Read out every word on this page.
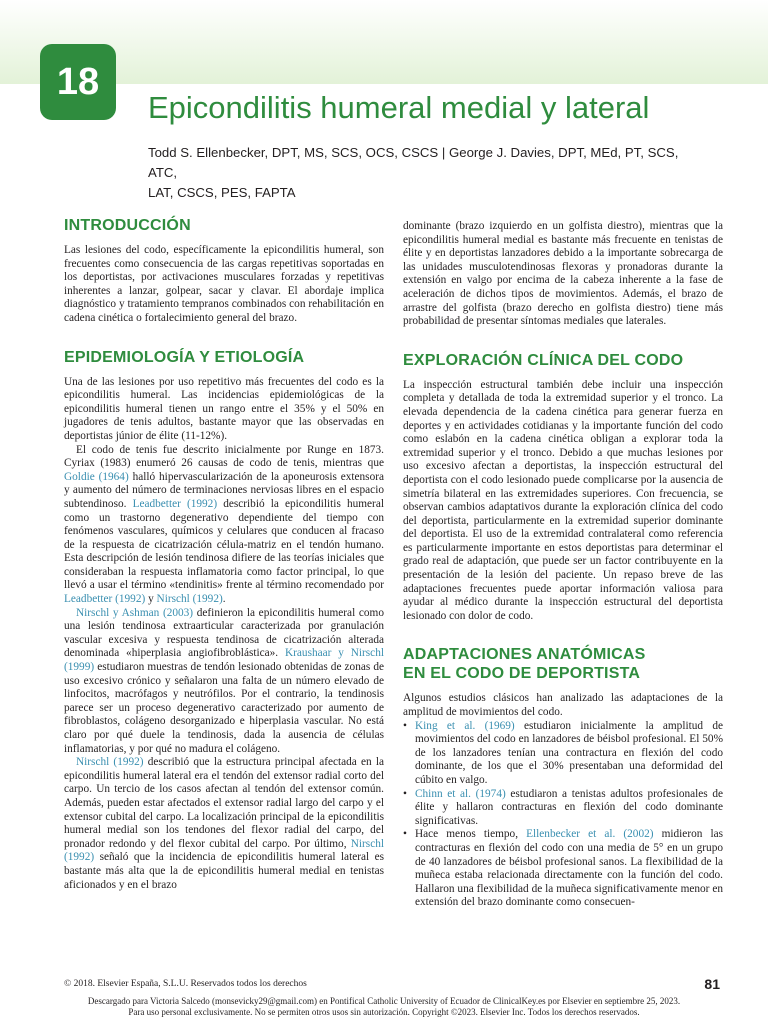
18
Epicondilitis humeral medial y lateral
Todd S. Ellenbecker, DPT, MS, SCS, OCS, CSCS | George J. Davies, DPT, MEd, PT, SCS, ATC,
LAT, CSCS, PES, FAPTA
INTRODUCCIÓN

Las lesiones del codo, específicamente la epicondilitis humeral, son frecuentes como consecuencia de las cargas repetitivas soportadas en los deportistas, por activaciones musculares forzadas y repetitivas inherentes a lanzar, golpear, sacar y clavar. El abordaje implica diagnóstico y tratamiento tempranos combinados con rehabilitación en cadena cinética o fortalecimiento general del brazo.

EPIDEMIOLOGÍA Y ETIOLOGÍA

Una de las lesiones por uso repetitivo más frecuentes del codo es la epicondilitis humeral. Las incidencias epidemiológicas de la epicondilitis humeral tienen un rango entre el 35% y el 50% en jugadores de tenis adultos, bastante mayor que las observadas en deportistas júnior de élite (11-12%).

El codo de tenis fue descrito inicialmente por Runge en 1873. Cyriax (1983) enumeró 26 causas de codo de tenis, mientras que Goldie (1964) halló hipervascularización de la aponeurosis extensora y aumento del número de terminaciones nerviosas libres en el espacio subtendinoso. Leadbetter (1992) describió la epicondilitis humeral como un trastorno degenerativo dependiente del tiempo con fenómenos vasculares, químicos y celulares que conducen al fracaso de la respuesta de cicatrización célula-matriz en el tendón humano. Esta descripción de lesión tendinosa difiere de las teorías iniciales que consideraban la respuesta inflamatoria como factor principal, lo que llevó a usar el término «tendinitis» frente al término recomendado por Leadbetter (1992) y Nirschl (1992).

Nirschl y Ashman (2003) definieron la epicondilitis humeral como una lesión tendinosa extraarticular caracterizada por granulación vascular excesiva y respuesta tendinosa de cicatrización alterada denominada «hiperplasia angiofibroblástica». Kraushaar y Nirschl (1999) estudiaron muestras de tendón lesionado obtenidas de zonas de uso excesivo crónico y señalaron una falta de un número elevado de linfocitos, macrófagos y neutrófilos. Por el contrario, la tendinosis parece ser un proceso degenerativo caracterizado por aumento de fibroblastos, colágeno desorganizado e hiperplasia vascular. No está claro por qué duele la tendinosis, dada la ausencia de células inflamatorias, y por qué no madura el colágeno.

Nirschl (1992) describió que la estructura principal afectada en la epicondilitis humeral lateral era el tendón del extensor radial corto del carpo. Un tercio de los casos afectan al tendón del extensor común. Además, pueden estar afectados el extensor radial largo del carpo y el extensor cubital del carpo. La localización principal de la epicondilitis humeral medial son los tendones del flexor radial del carpo, del pronador redondo y del flexor cubital del carpo. Por último, Nirschl (1992) señaló que la incidencia de epicondilitis humeral lateral es bastante más alta que la de epicondilitis humeral medial en tenistas aficionados y en el brazo

dominante (brazo izquierdo en un golfista diestro), mientras que la epicondilitis humeral medial es bastante más frecuente en tenistas de élite y en deportistas lanzadores debido a la importante sobrecarga de las unidades musculotendinosas flexoras y pronadoras durante la extensión en valgo por encima de la cabeza inherente a la fase de aceleración de dichos tipos de movimientos. Además, el brazo de arrastre del golfista (brazo derecho en golfista diestro) tiene más probabilidad de presentar síntomas mediales que laterales.

EXPLORACIÓN CLÍNICA DEL CODO

La inspección estructural también debe incluir una inspección completa y detallada de toda la extremidad superior y el tronco. La elevada dependencia de la cadena cinética para generar fuerza en deportes y en actividades cotidianas y la importante función del codo como eslabón en la cadena cinética obligan a explorar toda la extremidad superior y el tronco. Debido a que muchas lesiones por uso excesivo afectan a deportistas, la inspección estructural del deportista con el codo lesionado puede complicarse por la ausencia de simetría bilateral en las extremidades superiores. Con frecuencia, se observan cambios adaptativos durante la exploración clínica del codo del deportista, particularmente en la extremidad superior dominante del deportista. El uso de la extremidad contralateral como referencia es particularmente importante en estos deportistas para determinar el grado real de adaptación, que puede ser un factor contribuyente en la presentación de la lesión del paciente. Un repaso breve de las adaptaciones frecuentes puede aportar información valiosa para ayudar al médico durante la inspección estructural del deportista lesionado con dolor de codo.

ADAPTACIONES ANATÓMICAS
EN EL CODO DE DEPORTISTA

Algunos estudios clásicos han analizado las adaptaciones de la amplitud de movimientos del codo.

• King et al. (1969) estudiaron inicialmente la amplitud de movimientos del codo en lanzadores de béisbol profesional. El 50% de los lanzadores tenían una contractura en flexión del codo dominante, de los que el 30% presentaban una deformidad del cúbito en valgo.
• Chinn et al. (1974) estudiaron a tenistas adultos profesionales de élite y hallaron contracturas en flexión del codo dominante significativas.
• Hace menos tiempo, Ellenbecker et al. (2002) midieron las contracturas en flexión del codo con una media de 5° en un grupo de 40 lanzadores de béisbol profesional sanos. La flexibilidad de la muñeca estaba relacionada directamente con la función del codo. Hallaron una flexibilidad de la muñeca significativamente menor en extensión del brazo dominante como consecuen-
© 2018. Elsevier España, S.L.U. Reservados todos los derechos	81
Descargado para Victoria Salcedo (monsevicky29@gmail.com) en Pontifical Catholic University of Ecuador de ClinicalKey.es por Elsevier en septiembre 25, 2023. Para uso personal exclusivamente. No se permiten otros usos sin autorización. Copyright ©2023. Elsevier Inc. Todos los derechos reservados.
